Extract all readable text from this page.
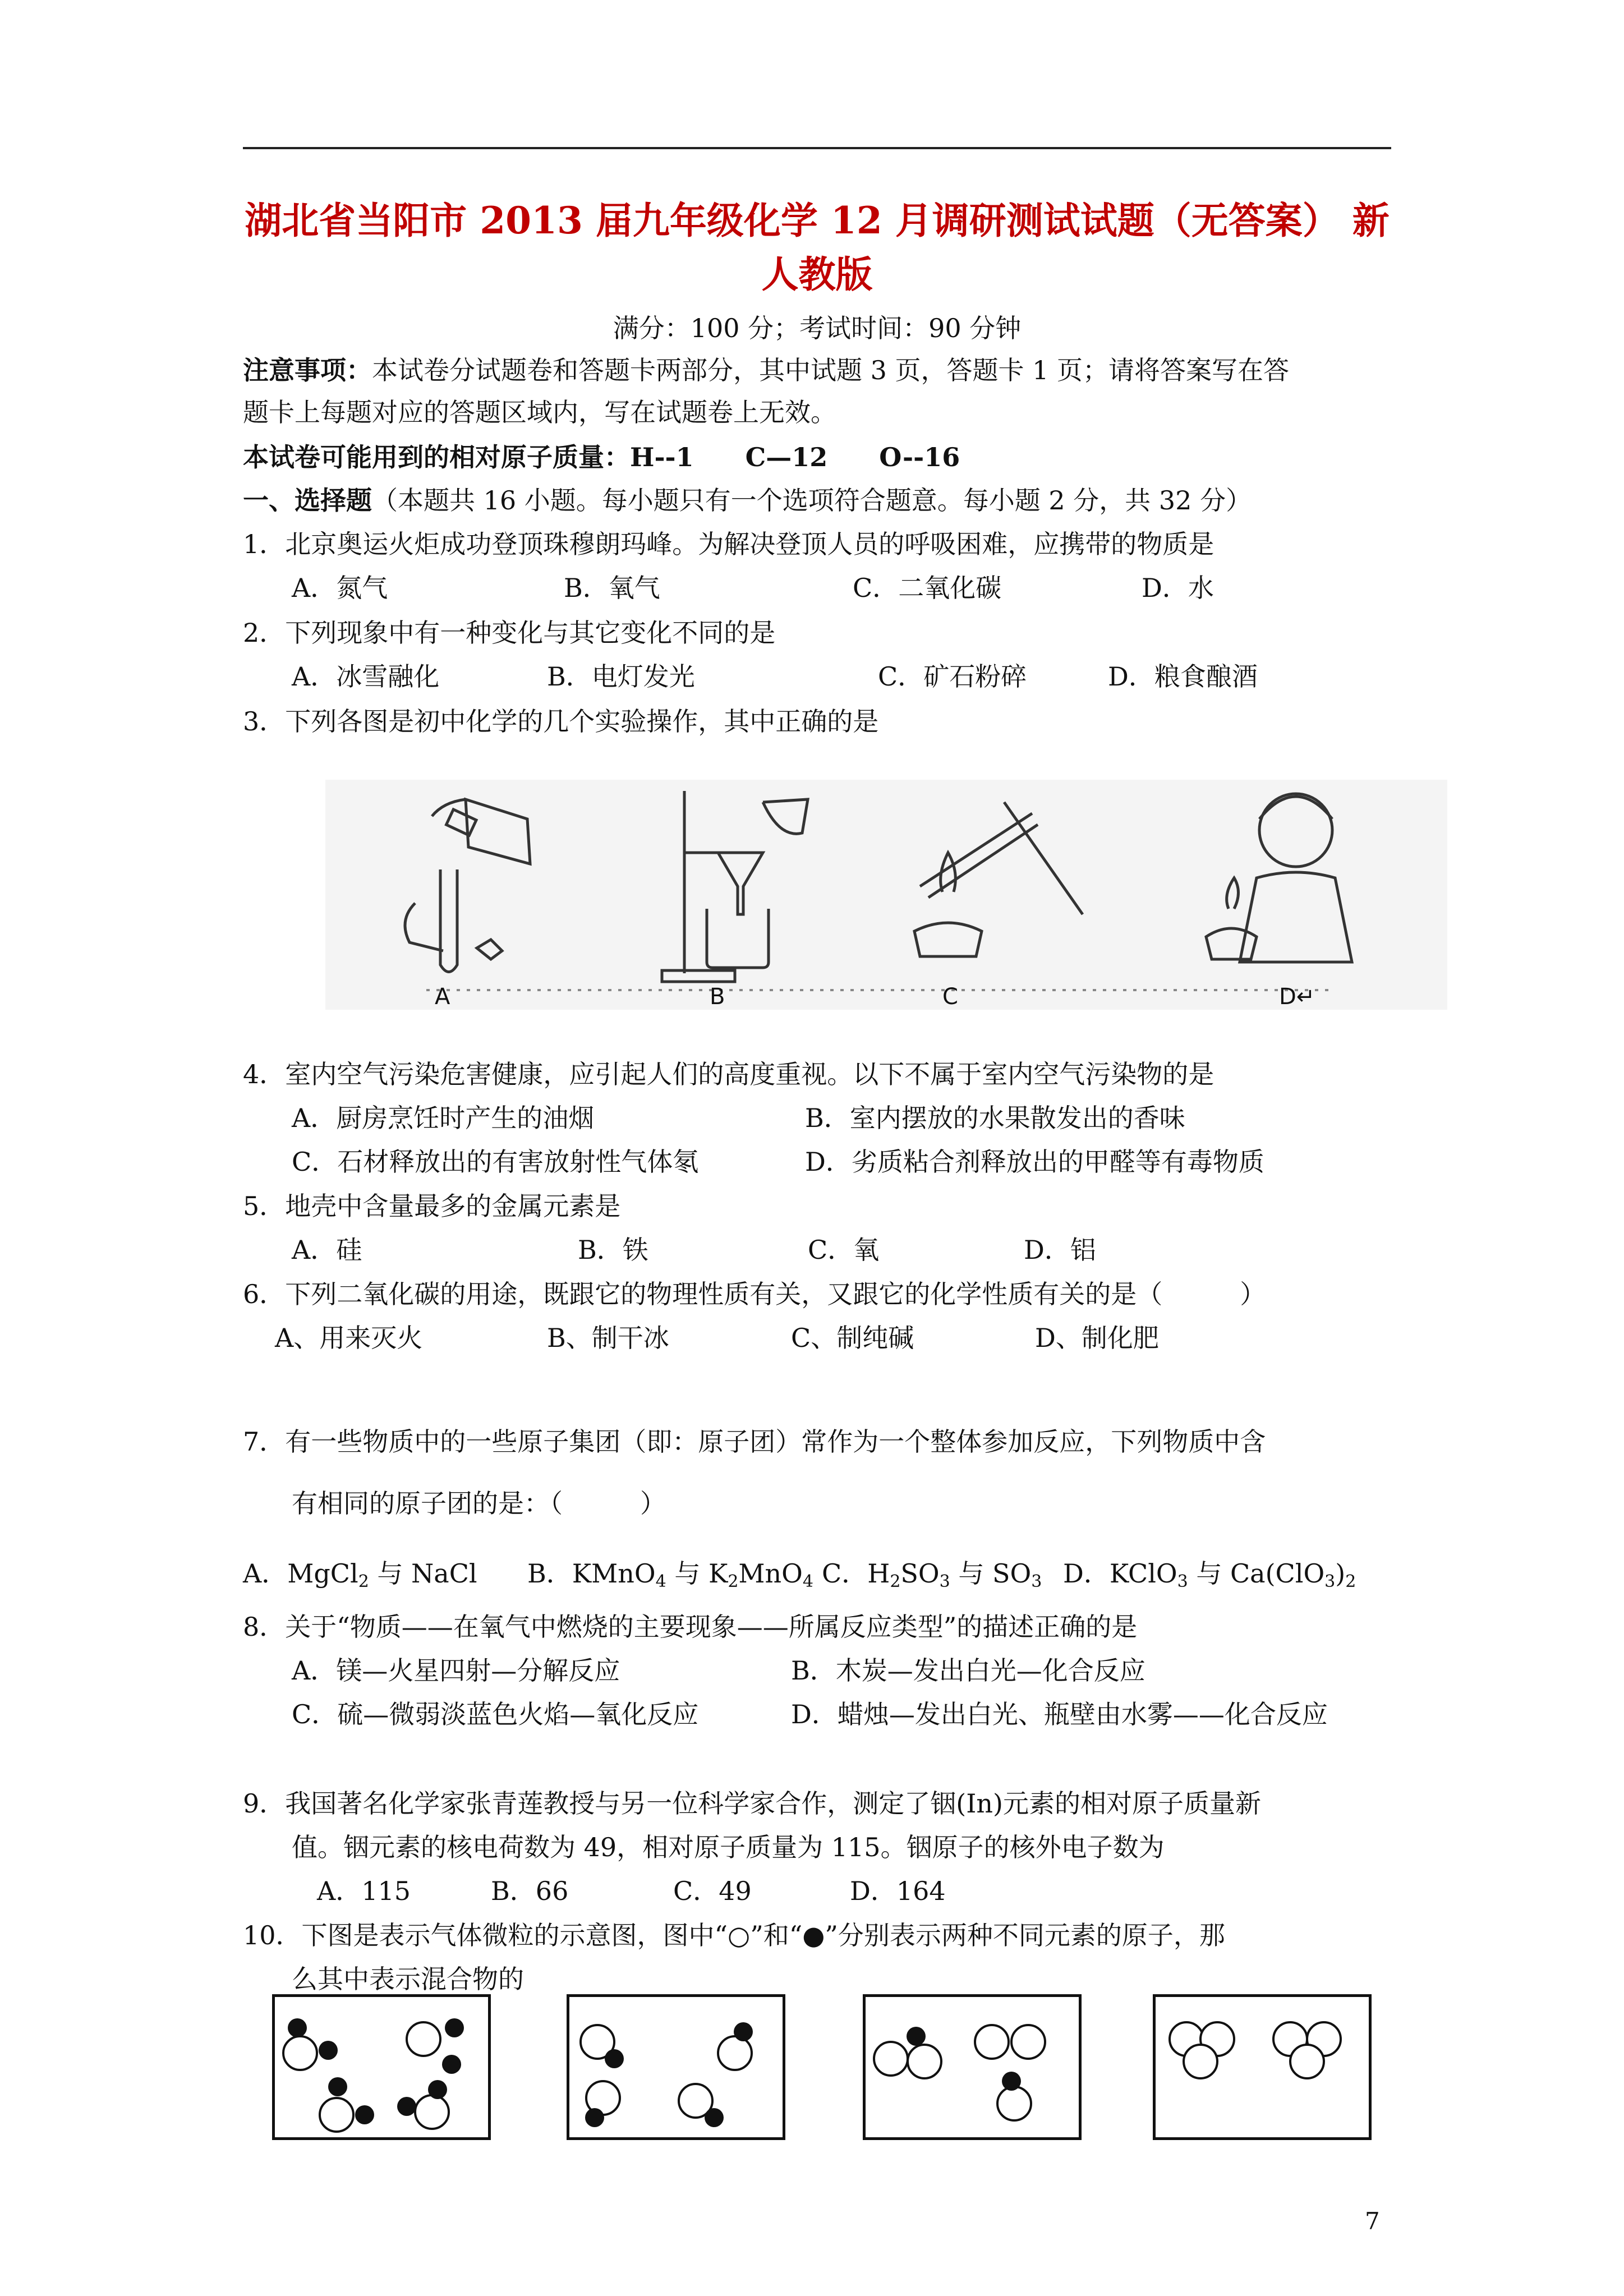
湖北省当阳市 2013 届九年级化学 12 月调研测试试题（无答案） 新
人教版
满分：100 分；考试时间：90 分钟
注意事项：本试卷分试题卷和答题卡两部分，其中试题 3 页，答题卡 1 页；请将答案写在答
题卡上每题对应的答题区域内，写在试题卷上无效。
本试卷可能用到的相对原子质量：H--1　　C—12　　O--16
一、选择题（本题共 16 小题。每小题只有一个选项符合题意。每小题 2 分，共 32 分）
1．北京奥运火炬成功登顶珠穆朗玛峰。为解决登顶人员的呼吸困难，应携带的物质是
A．氮气	B．氧气	C．二氧化碳	D．水
2．下列现象中有一种变化与其它变化不同的是
A．冰雪融化	B．电灯发光	C．矿石粉碎	D．粮食酿酒
3．下列各图是初中化学的几个实验操作，其中正确的是
A	B	C	D↵
4．室内空气污染危害健康，应引起人们的高度重视。以下不属于室内空气污染物的是
A．厨房烹饪时产生的油烟	B．室内摆放的水果散发出的香味
C．石材释放出的有害放射性气体氡	D．劣质粘合剂释放出的甲醛等有毒物质
5．地壳中含量最多的金属元素是
A．硅	B．铁	C．氧	D．铝
6．下列二氧化碳的用途，既跟它的物理性质有关，又跟它的化学性质有关的是（　　　）
A、用来灭火	B、制干冰	C、制纯碱	D、制化肥
7．有一些物质中的一些原子集团（即：原子团）常作为一个整体参加反应，下列物质中含
有相同的原子团的是：（　　　）
A．MgCl$_2$ 与 NaCl B．KMnO$_4$ 与 $K_2MnO_4$ C．$H_2SO_3$ 与 $SO_3$ D．KClO$_3$ 与 $Ca(ClO_3)_2$
8．关于“物质——在氧气中燃烧的主要现象——所属反应类型”的描述正确的是
A．镁—火星四射—分解反应	B．木炭—发出白光—化合反应
C．硫—微弱淡蓝色火焰—氧化反应	D．蜡烛—发出白光、瓶壁由水雾——化合反应
9．我国著名化学家张青莲教授与另一位科学家合作，测定了铟(In)元素的相对原子质量新
值。铟元素的核电荷数为 49，相对原子质量为 115。铟原子的核外电子数为
A．115	B．66	C．49	D．164
10．下图是表示气体微粒的示意图，图中“○”和“●”分别表示两种不同元素的原子，那
么其中表示混合物的
7
